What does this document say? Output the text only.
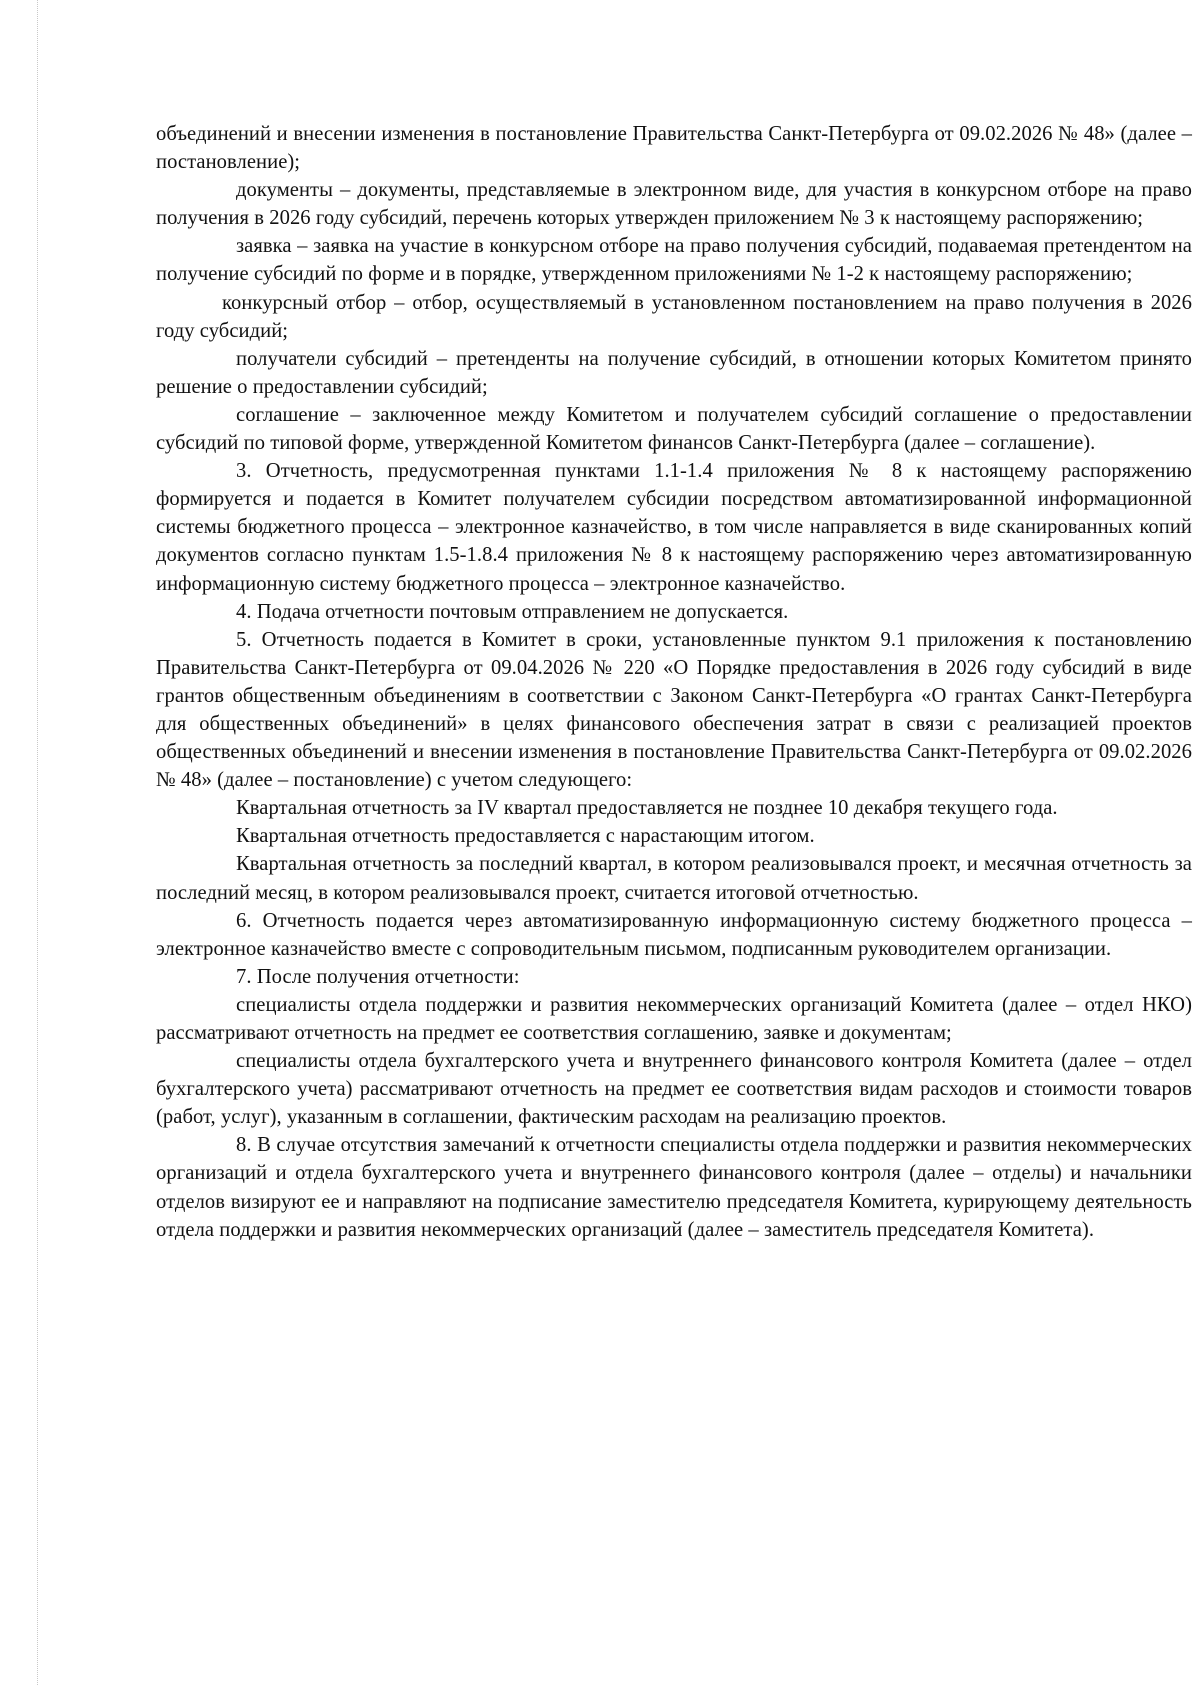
объединений и внесении изменения в постановление Правительства Санкт-Петербурга от 09.02.2026 № 48» (далее – постановление);

документы – документы, представляемые в электронном виде, для участия в конкурсном отборе на право получения в 2026 году субсидий, перечень которых утвержден приложением № 3 к настоящему распоряжению;

заявка – заявка на участие в конкурсном отборе на право получения субсидий, подаваемая претендентом на получение субсидий по форме и в порядке, утвержденном приложениями № 1-2 к настоящему распоряжению;

конкурсный отбор – отбор, осуществляемый в установленном постановлением на право получения в 2026 году субсидий;

получатели субсидий – претенденты на получение субсидий, в отношении которых Комитетом принято решение о предоставлении субсидий;

соглашение – заключенное между Комитетом и получателем субсидий соглашение о предоставлении субсидий по типовой форме, утвержденной Комитетом финансов Санкт-Петербурга (далее – соглашение).

3. Отчетность, предусмотренная пунктами 1.1-1.4 приложения № 8 к настоящему распоряжению формируется и подается в Комитет получателем субсидии посредством автоматизированной информационной системы бюджетного процесса – электронное казначейство, в том числе направляется в виде сканированных копий документов согласно пунктам 1.5-1.8.4 приложения № 8 к настоящему распоряжению через автоматизированную информационную систему бюджетного процесса – электронное казначейство.

4. Подача отчетности почтовым отправлением не допускается.

5. Отчетность подается в Комитет в сроки, установленные пунктом 9.1 приложения к постановлению Правительства Санкт-Петербурга от 09.04.2026 № 220 «О Порядке предоставления в 2026 году субсидий в виде грантов общественным объединениям в соответствии с Законом Санкт-Петербурга «О грантах Санкт-Петербурга для общественных объединений» в целях финансового обеспечения затрат в связи с реализацией проектов общественных объединений и внесении изменения в постановление Правительства Санкт-Петербурга от 09.02.2026 № 48» (далее – постановление) с учетом следующего:

Квартальная отчетность за IV квартал предоставляется не позднее 10 декабря текущего года.

Квартальная отчетность предоставляется с нарастающим итогом.

Квартальная отчетность за последний квартал, в котором реализовывался проект, и месячная отчетность за последний месяц, в котором реализовывался проект, считается итоговой отчетностью.

6. Отчетность подается через автоматизированную информационную систему бюджетного процесса – электронное казначейство вместе с сопроводительным письмом, подписанным руководителем организации.

7. После получения отчетности:

специалисты отдела поддержки и развития некоммерческих организаций Комитета (далее – отдел НКО) рассматривают отчетность на предмет ее соответствия соглашению, заявке и документам;

специалисты отдела бухгалтерского учета и внутреннего финансового контроля Комитета (далее – отдел бухгалтерского учета) рассматривают отчетность на предмет ее соответствия видам расходов и стоимости товаров (работ, услуг), указанным в соглашении, фактическим расходам на реализацию проектов.

8. В случае отсутствия замечаний к отчетности специалисты отдела поддержки и развития некоммерческих организаций и отдела бухгалтерского учета и внутреннего финансового контроля (далее – отделы) и начальники отделов визируют ее и направляют на подписание заместителю председателя Комитета, курирующему деятельность отдела поддержки и развития некоммерческих организаций (далее – заместитель председателя Комитета).
